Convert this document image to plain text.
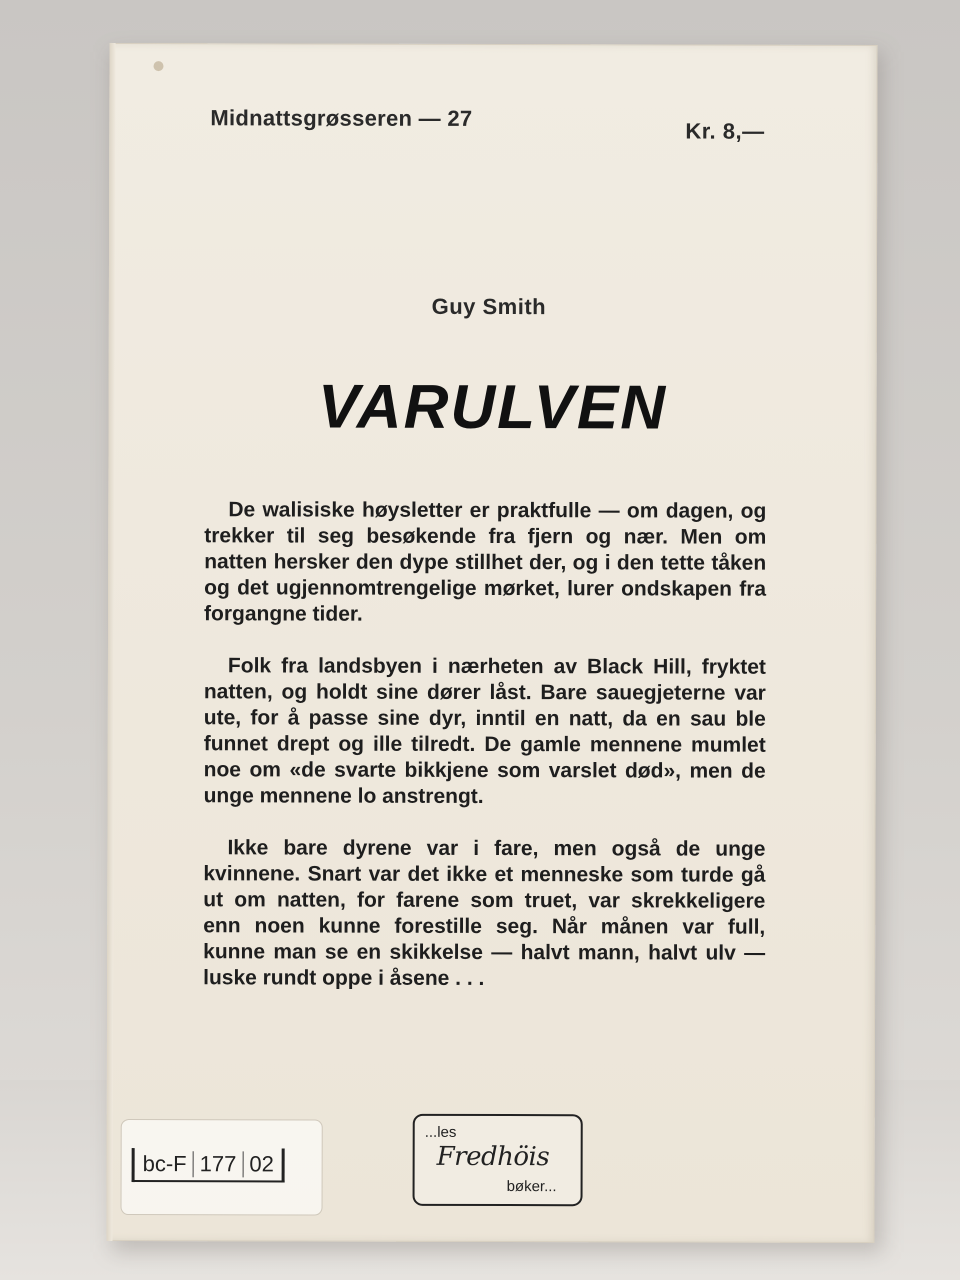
Midnattsgrøsseren — 27
Kr. 8,—
Guy Smith
VARULVEN

De walisiske høysletter er praktfulle — om dagen, og trekker til seg besøkende fra fjern og nær. Men om natten hersker den dype stillhet der, og i den tette tåken og det ugjennomtrengelige mørket, lurer ondskapen fra forgangne tider.

Folk fra landsbyen i nærheten av Black Hill, fryktet natten, og holdt sine dører låst. Bare sauegjeterne var ute, for å passe sine dyr, inntil en natt, da en sau ble funnet drept og ille tilredt. De gamle mennene mumlet noe om «de svarte bikkjene som varslet død», men de unge mennene lo anstrengt.

Ikke bare dyrene var i fare, men også de unge kvinnene. Snart var det ikke et menneske som turde gå ut om natten, for farene som truet, var skrekkeligere enn noen kunne forestille seg. Når månen var full, kunne man se en skikkelse — halvt mann, halvt ulv — luske rundt oppe i åsene . . .

bc-F 177 02
...les
Fredhöis
bøker...
